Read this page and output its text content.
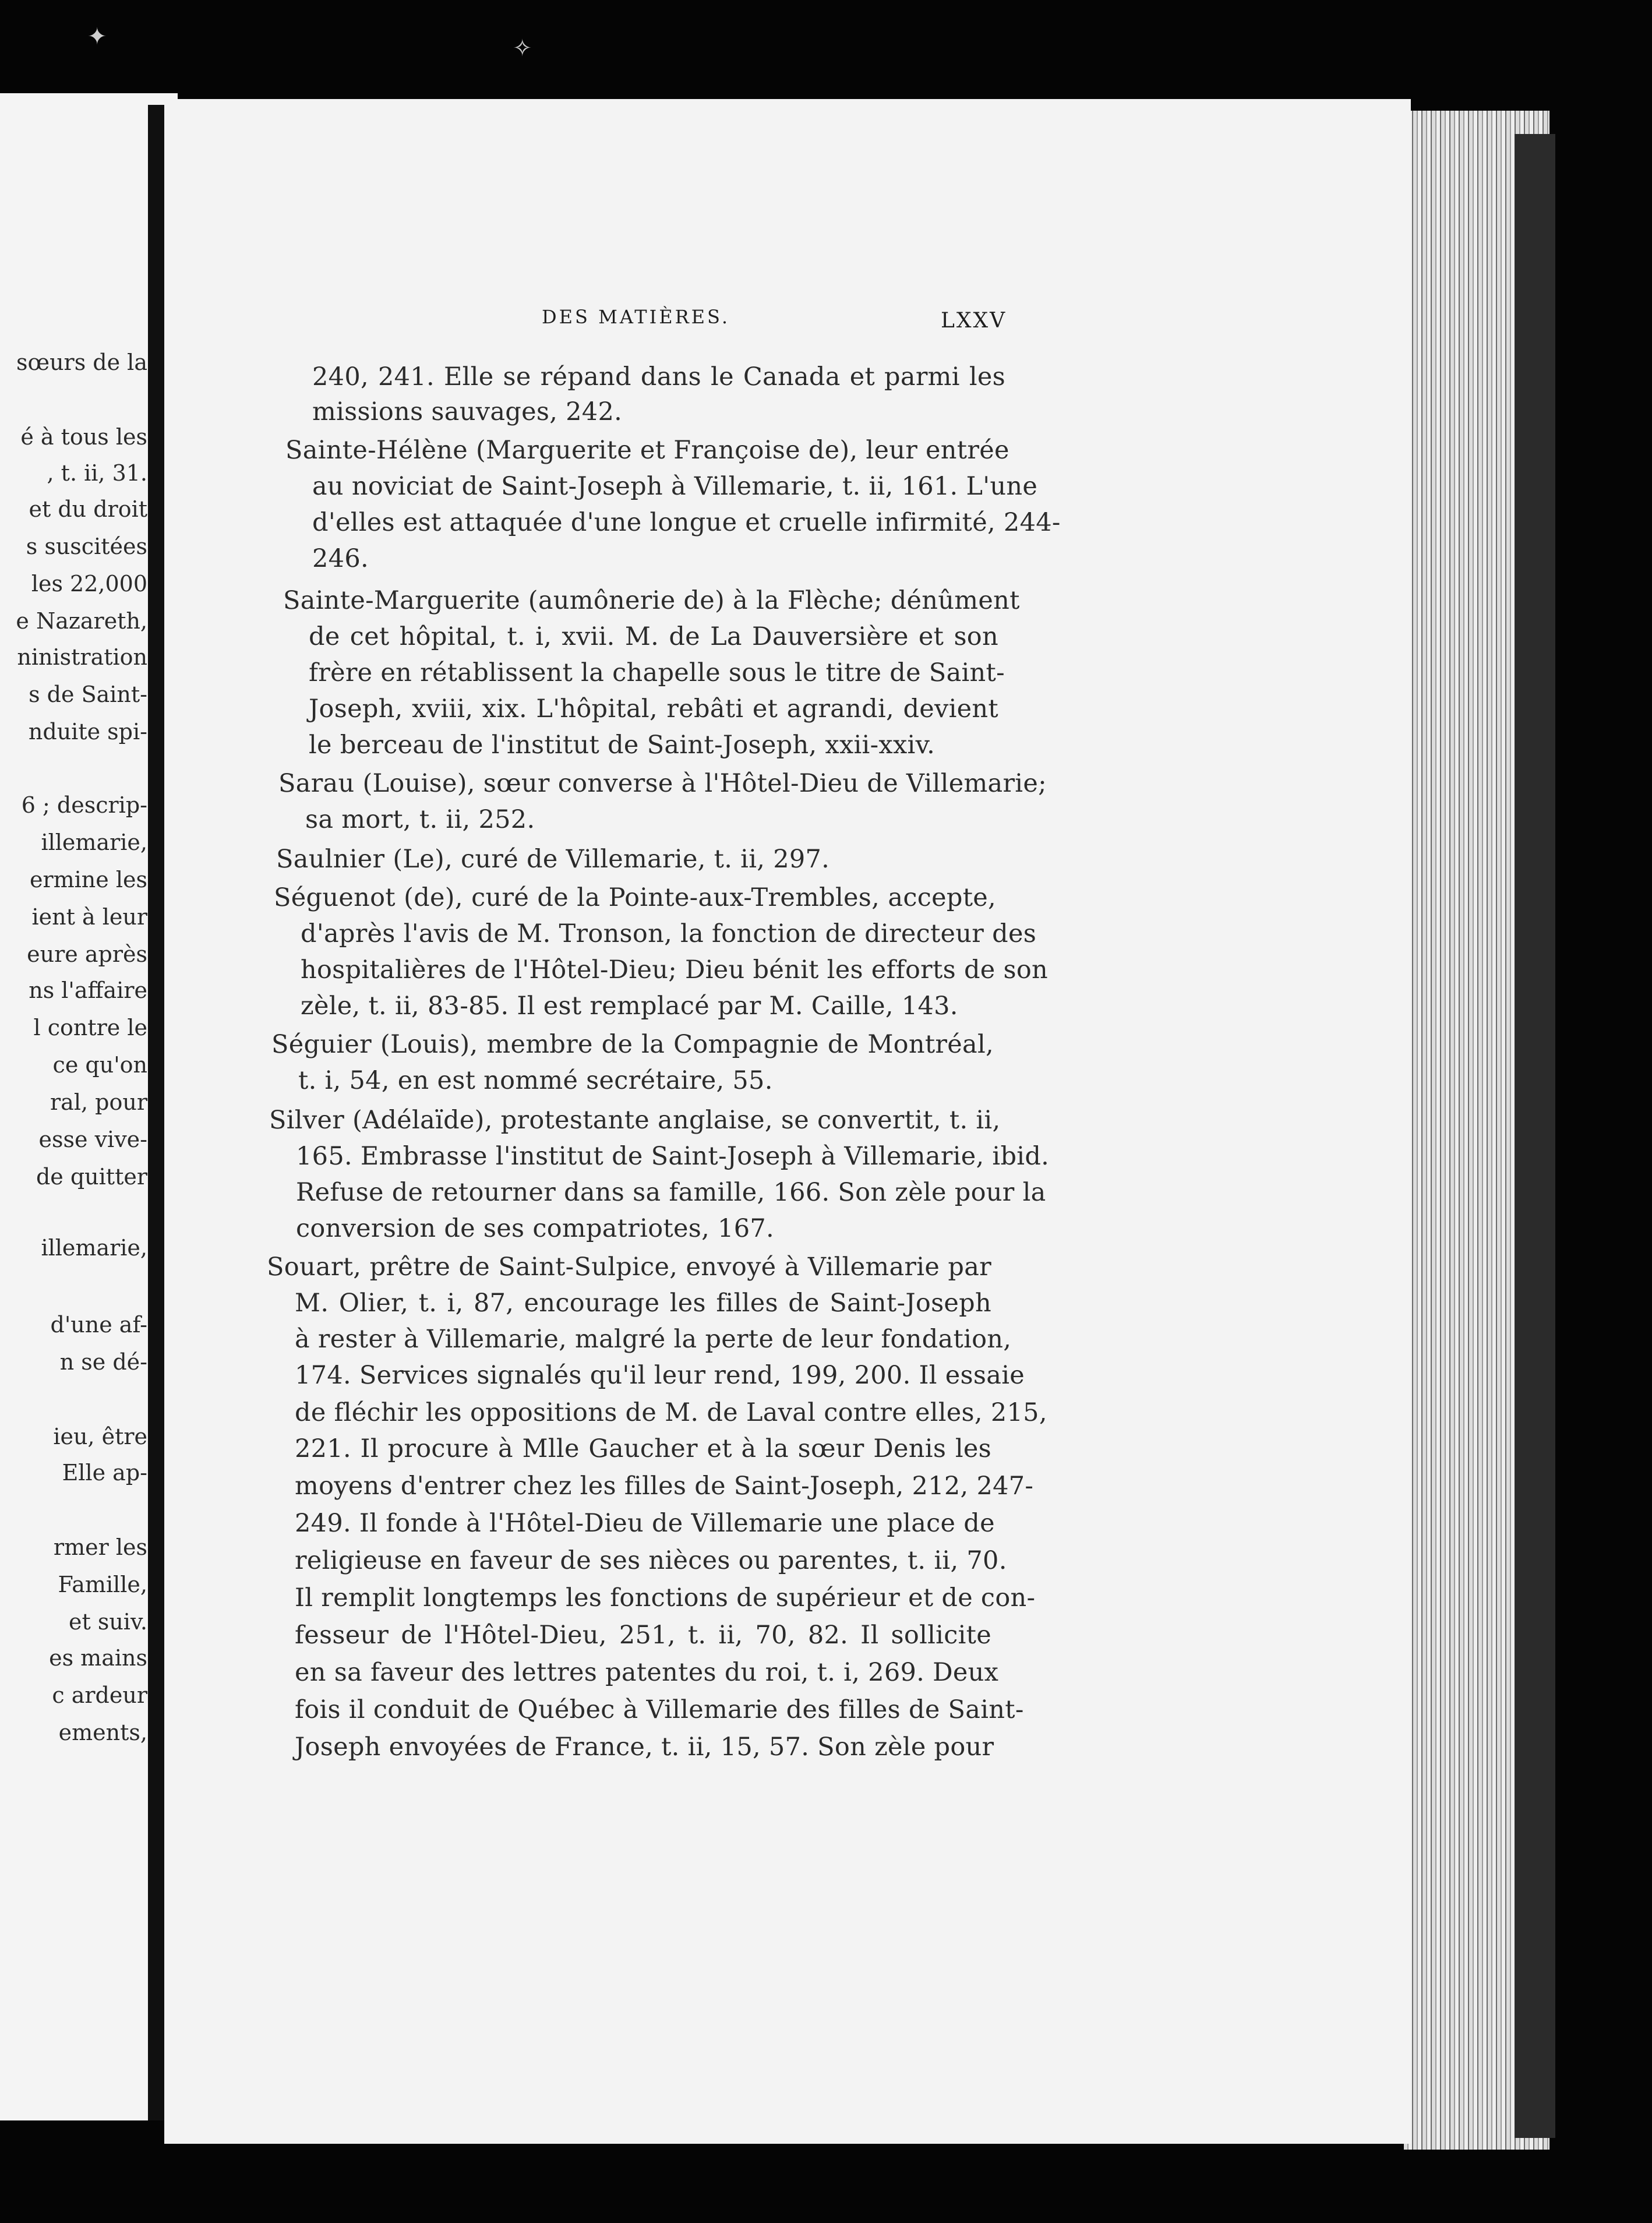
sœurs de la
é à tous les
, t. ii, 31.
et du droit
s suscitées
les 22,000
e Nazareth,
ninistration
s de Saint-
nduite spi-
6 ; descrip-
illemarie,
ermine les
ient à leur
eure après
ns l'affaire
l contre le
ce qu'on
ral, pour
esse vive-
de quitter
illemarie,
d'une af-
n se dé-
ieu, être
Elle ap-
rmer les
Famille,
et suiv.
es mains
c ardeur
ements,
✦	✧
DES MATIÈRES.	LXXV
240, 241. Elle se répand dans le Canada et parmi les
missions sauvages, 242.
Sainte-Hélène (Marguerite et Françoise de), leur entrée
au noviciat de Saint-Joseph à Villemarie, t. ii, 161. L'une
d'elles est attaquée d'une longue et cruelle infirmité, 244-
246.
Sainte-Marguerite (aumônerie de) à la Flèche; dénûment
de cet hôpital, t. i, xvii. M. de La Dauversière et son
frère en rétablissent la chapelle sous le titre de Saint-
Joseph, xviii, xix. L'hôpital, rebâti et agrandi, devient
le berceau de l'institut de Saint-Joseph, xxii-xxiv.
Sarau (Louise), sœur converse à l'Hôtel-Dieu de Villemarie;
sa mort, t. ii, 252.
Saulnier (Le), curé de Villemarie, t. ii, 297.
Séguenot (de), curé de la Pointe-aux-Trembles, accepte,
d'après l'avis de M. Tronson, la fonction de directeur des
hospitalières de l'Hôtel-Dieu; Dieu bénit les efforts de son
zèle, t. ii, 83-85. Il est remplacé par M. Caille, 143.
Séguier (Louis), membre de la Compagnie de Montréal,
t. i, 54, en est nommé secrétaire, 55.
Silver (Adélaïde), protestante anglaise, se convertit, t. ii,
165. Embrasse l'institut de Saint-Joseph à Villemarie, ibid.
Refuse de retourner dans sa famille, 166. Son zèle pour la
conversion de ses compatriotes, 167.
Souart, prêtre de Saint-Sulpice, envoyé à Villemarie par
M. Olier, t. i, 87, encourage les filles de Saint-Joseph
à rester à Villemarie, malgré la perte de leur fondation,
174. Services signalés qu'il leur rend, 199, 200. Il essaie
de fléchir les oppositions de M. de Laval contre elles, 215,
221. Il procure à Mlle Gaucher et à la sœur Denis les
moyens d'entrer chez les filles de Saint-Joseph, 212, 247-
249. Il fonde à l'Hôtel-Dieu de Villemarie une place de
religieuse en faveur de ses nièces ou parentes, t. ii, 70.
Il remplit longtemps les fonctions de supérieur et de con-
fesseur de l'Hôtel-Dieu, 251, t. ii, 70, 82. Il sollicite
en sa faveur des lettres patentes du roi, t. i, 269. Deux
fois il conduit de Québec à Villemarie des filles de Saint-
Joseph envoyées de France, t. ii, 15, 57. Son zèle pour
